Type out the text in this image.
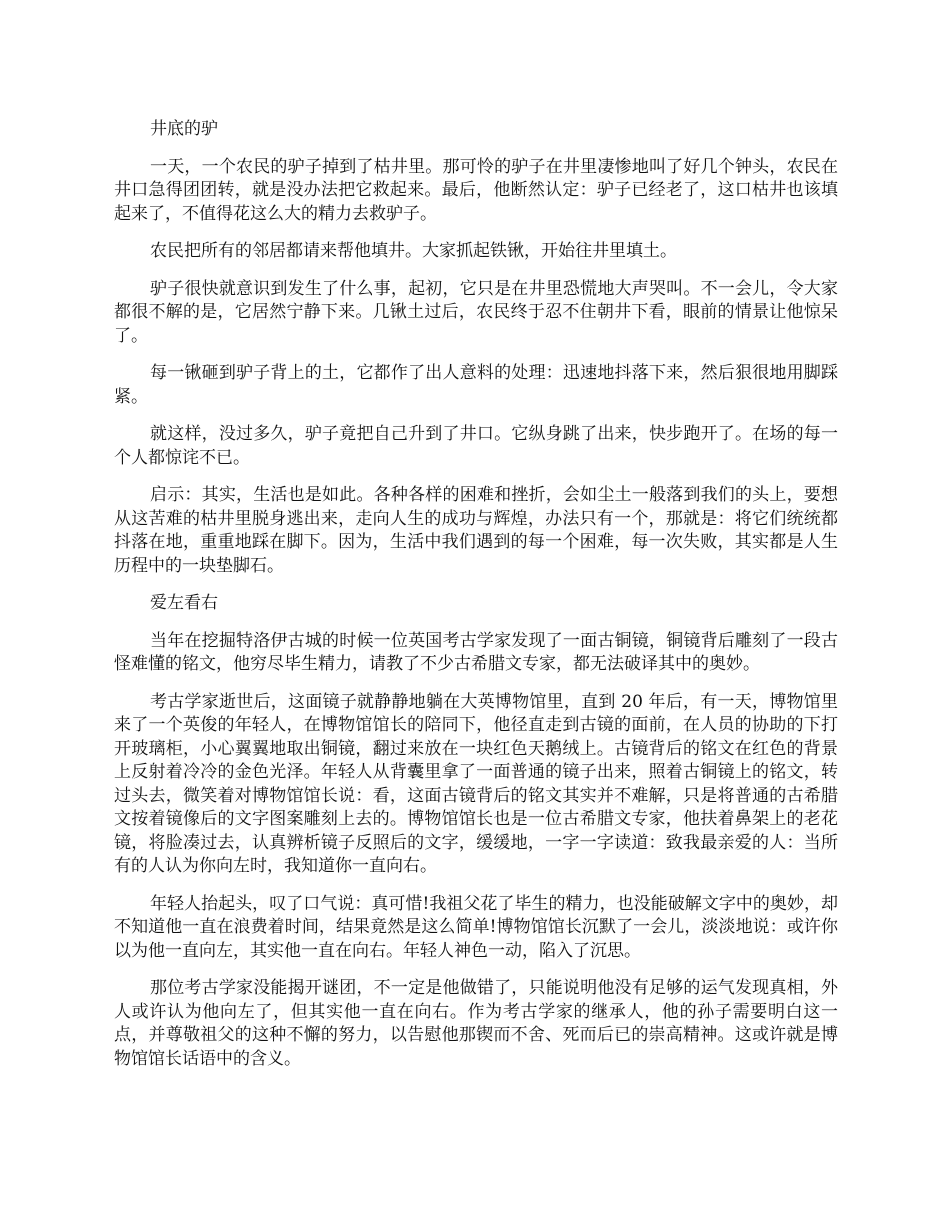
井底的驴

一天，一个农民的驴子掉到了枯井里。那可怜的驴子在井里凄惨地叫了好几个钟头，农民在井口急得团团转，就是没办法把它救起来。最后，他断然认定：驴子已经老了，这口枯井也该填起来了，不值得花这么大的精力去救驴子。

农民把所有的邻居都请来帮他填井。大家抓起铁锹，开始往井里填土。

驴子很快就意识到发生了什么事，起初，它只是在井里恐慌地大声哭叫。不一会儿，令大家都很不解的是，它居然宁静下来。几锹土过后，农民终于忍不住朝井下看，眼前的情景让他惊呆了。

每一锹砸到驴子背上的土，它都作了出人意料的处理：迅速地抖落下来，然后狠很地用脚踩紧。

就这样，没过多久，驴子竟把自己升到了井口。它纵身跳了出来，快步跑开了。在场的每一个人都惊诧不已。

启示：其实，生活也是如此。各种各样的困难和挫折，会如尘土一般落到我们的头上，要想从这苦难的枯井里脱身逃出来，走向人生的成功与辉煌，办法只有一个，那就是：将它们统统都抖落在地，重重地踩在脚下。因为，生活中我们遇到的每一个困难，每一次失败，其实都是人生历程中的一块垫脚石。

爱左看右

当年在挖掘特洛伊古城的时候一位英国考古学家发现了一面古铜镜，铜镜背后雕刻了一段古怪难懂的铭文，他穷尽毕生精力，请教了不少古希腊文专家，都无法破译其中的奥妙。

考古学家逝世后，这面镜子就静静地躺在大英博物馆里，直到 20 年后，有一天，博物馆里来了一个英俊的年轻人，在博物馆馆长的陪同下，他径直走到古镜的面前，在人员的协助的下打开玻璃柜，小心翼翼地取出铜镜，翻过来放在一块红色天鹅绒上。古镜背后的铭文在红色的背景上反射着冷冷的金色光泽。年轻人从背囊里拿了一面普通的镜子出来，照着古铜镜上的铭文，转过头去，微笑着对博物馆馆长说：看，这面古镜背后的铭文其实并不难解，只是将普通的古希腊文按着镜像后的文字图案雕刻上去的。博物馆馆长也是一位古希腊文专家，他扶着鼻架上的老花镜，将脸凑过去，认真辨析镜子反照后的文字，缓缓地，一字一字读道：致我最亲爱的人：当所有的人认为你向左时，我知道你一直向右。

年轻人抬起头，叹了口气说：真可惜!我祖父花了毕生的精力，也没能破解文字中的奥妙，却不知道他一直在浪费着时间，结果竟然是这么简单!博物馆馆长沉默了一会儿，淡淡地说：或许你以为他一直向左，其实他一直在向右。年轻人神色一动，陷入了沉思。

那位考古学家没能揭开谜团，不一定是他做错了，只能说明他没有足够的运气发现真相，外人或许认为他向左了，但其实他一直在向右。作为考古学家的继承人，他的孙子需要明白这一点，并尊敬祖父的这种不懈的努力，以告慰他那锲而不舍、死而后已的崇高精神。这或许就是博物馆馆长话语中的含义。
